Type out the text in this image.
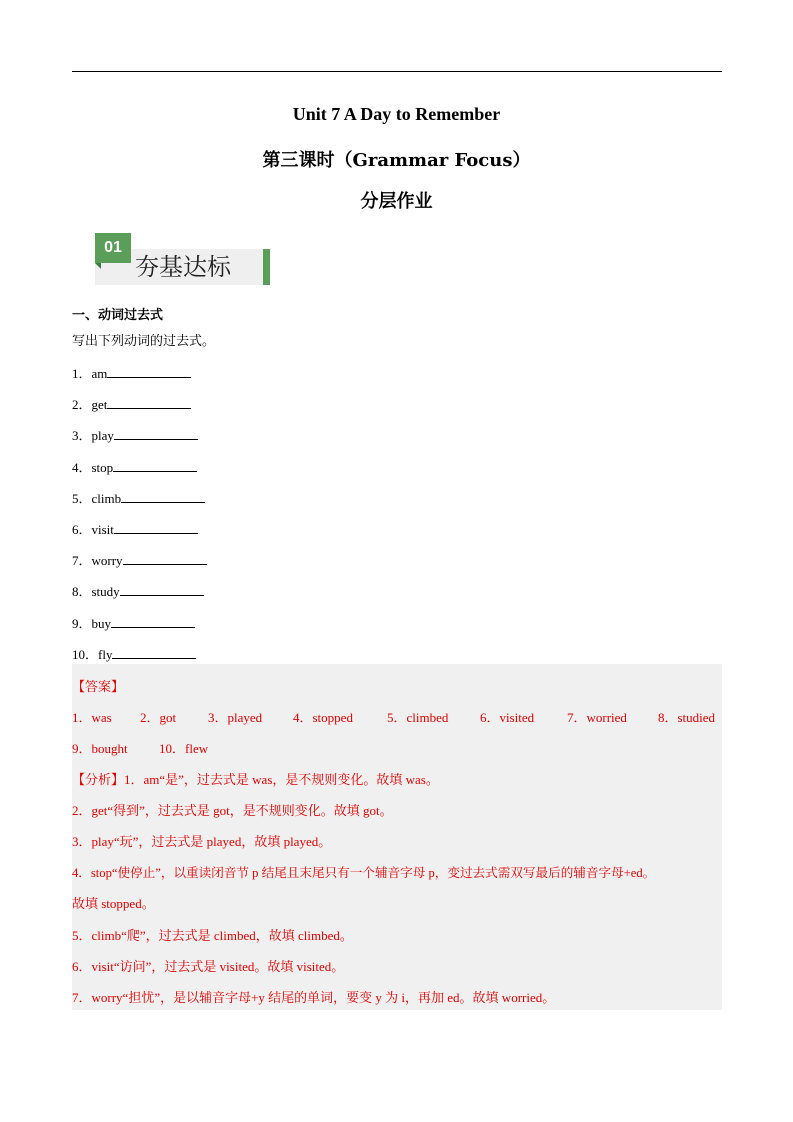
Unit 7 A Day to Remember
第三课时（Grammar Focus）
分层作业
01
夯基达标
一、动词过去式
写出下列动词的过去式。
1．am
2．get
3．play
4．stop
5．climb
6．visit
7．worry
8．study
9．buy
10．fly
【答案】
1．was 2．got 3．played 4．stopped	5．climbed 6．visited	7．worried 8．studied
9．bought 10．flew
【分析】1．am“是”，过去式是 was，是不规则变化。故填 was。
2．get“得到”，过去式是 got，是不规则变化。故填 got。
3．play“玩”，过去式是 played，故填 played。
4．stop“使停止”，以重读闭音节 p 结尾且末尾只有一个辅音字母 p，变过去式需双写最后的辅音字母+ed。
故填 stopped。
5．climb“爬”，过去式是 climbed，故填 climbed。
6．visit“访问”，过去式是 visited。故填 visited。
7．worry“担忧”，是以辅音字母+y 结尾的单词，要变 y 为 i，再加 ed。故填 worried。
